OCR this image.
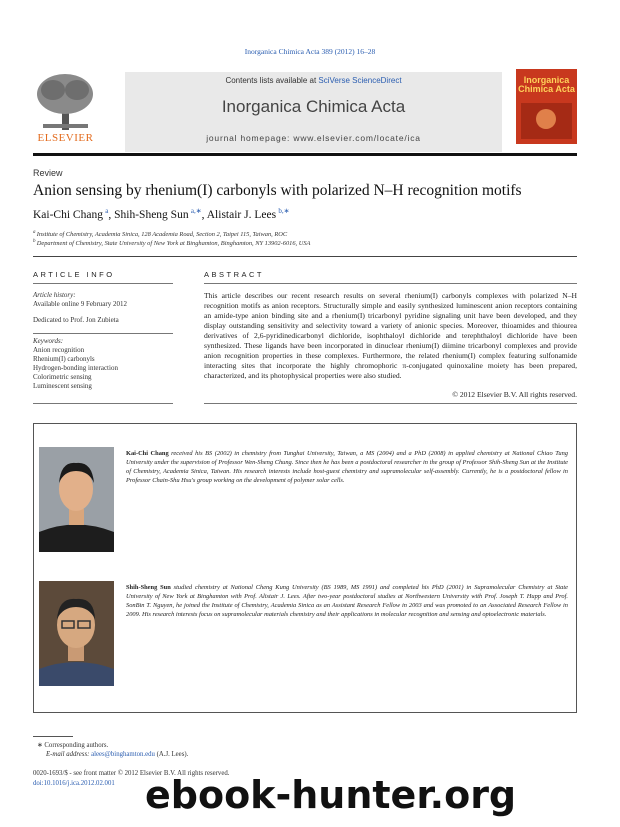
Inorganica Chimica Acta 389 (2012) 16–28
ELSEVIER
Contents lists available at SciVerse ScienceDirect
Inorganica Chimica Acta
journal homepage: www.elsevier.com/locate/ica
Inorganica
Chimica Acta
Review
Anion sensing by rhenium(I) carbonyls with polarized N–H recognition motifs
Kai-Chi Chang  $^a$, Shih-Sheng Sun  $^{a,∗}$, Alistair J. Lees  $^{b,∗}$
$^a$ Institute of Chemistry, Academia Sinica, 128 Academia Road, Section 2, Taipei 115, Taiwan, ROC
$^b$ Department of Chemistry, State University of New York at Binghamton, Binghamton, NY 13902-6016, USA
ARTICLE INFO
Article history:
Available online 9 February 2012
Dedicated to Prof. Jon Zubieta
Keywords:
Anion recognition
Rhenium(I) carbonyls
Hydrogen-bonding interaction
Colorimetric sensing
Luminescent sensing
ABSTRACT
This article describes our recent research results on several rhenium(I) carbonyls complexes with polarized N–H recognition motifs as anion receptors. Structurally simple and easily synthesized luminescent anion receptors containing an amide-type anion binding site and a rhenium(I) tricarbonyl pyridine signaling unit have been developed, and they display outstanding sensitivity and selectivity toward a variety of anionic species. Moreover, thioamides and thiourea derivatives of 2,6-pyridinedicarbonyl dichloride, isophthaloyl dichloride and terephthaloyl dichloride have been synthesized. These ligands have been incorporated in dinuclear rhenium(I) diimine tricarbonyl complexes and provide anion recognition properties in these complexes. Furthermore, the related rhenium(I) complex featuring sulfonamide interacting sites that incorporate the highly chromophoric π-conjugated quinoxaline moiety has been prepared, characterized, and its photophysical properties were also studied.
© 2012 Elsevier B.V. All rights reserved.
Kai-Chi Chang received his BS (2002) in chemistry from Tunghai University, Taiwan, a MS (2004) and a PhD (2008) in applied chemistry at National Chiao Tung University under the supervision of Professor Wen-Sheng Chung. Since then he has been a postdoctoral researcher in the group of Professor Shih-Sheng Sun at the Institute of Chemistry, Academia Sinica, Taiwan. His research interests include host-guest chemistry and supramolecular self-assembly. Currently, he is a postdoctoral fellow in Professor Chain-Shu Hsu's group working on the development of polymer solar cells.
Shih-Sheng Sun studied chemistry at National Cheng Kung University (BS 1989, MS 1991) and completed his PhD (2001) in Supramolecular Chemistry at State University of New York at Binghamton with Prof. Alistair J. Lees. After two-year postdoctoral studies at Northwestern University with Prof. Joseph T. Hupp and Prof. SonBin T. Nguyen, he joined the Institute of Chemistry, Academia Sinica as an Assistant Research Fellow in 2003 and was promoted to an Associated Research Fellow in 2009. His research interests focus on supramolecular materials chemistry and their applications in molecular recognition and sensing and optoelectronic materials.
∗ Corresponding authors.
E-mail address: alees@binghamton.edu (A.J. Lees).
0020-1693/$ - see front matter © 2012 Elsevier B.V. All rights reserved.
doi:10.1016/j.ica.2012.02.001 ebook-hunter.org
